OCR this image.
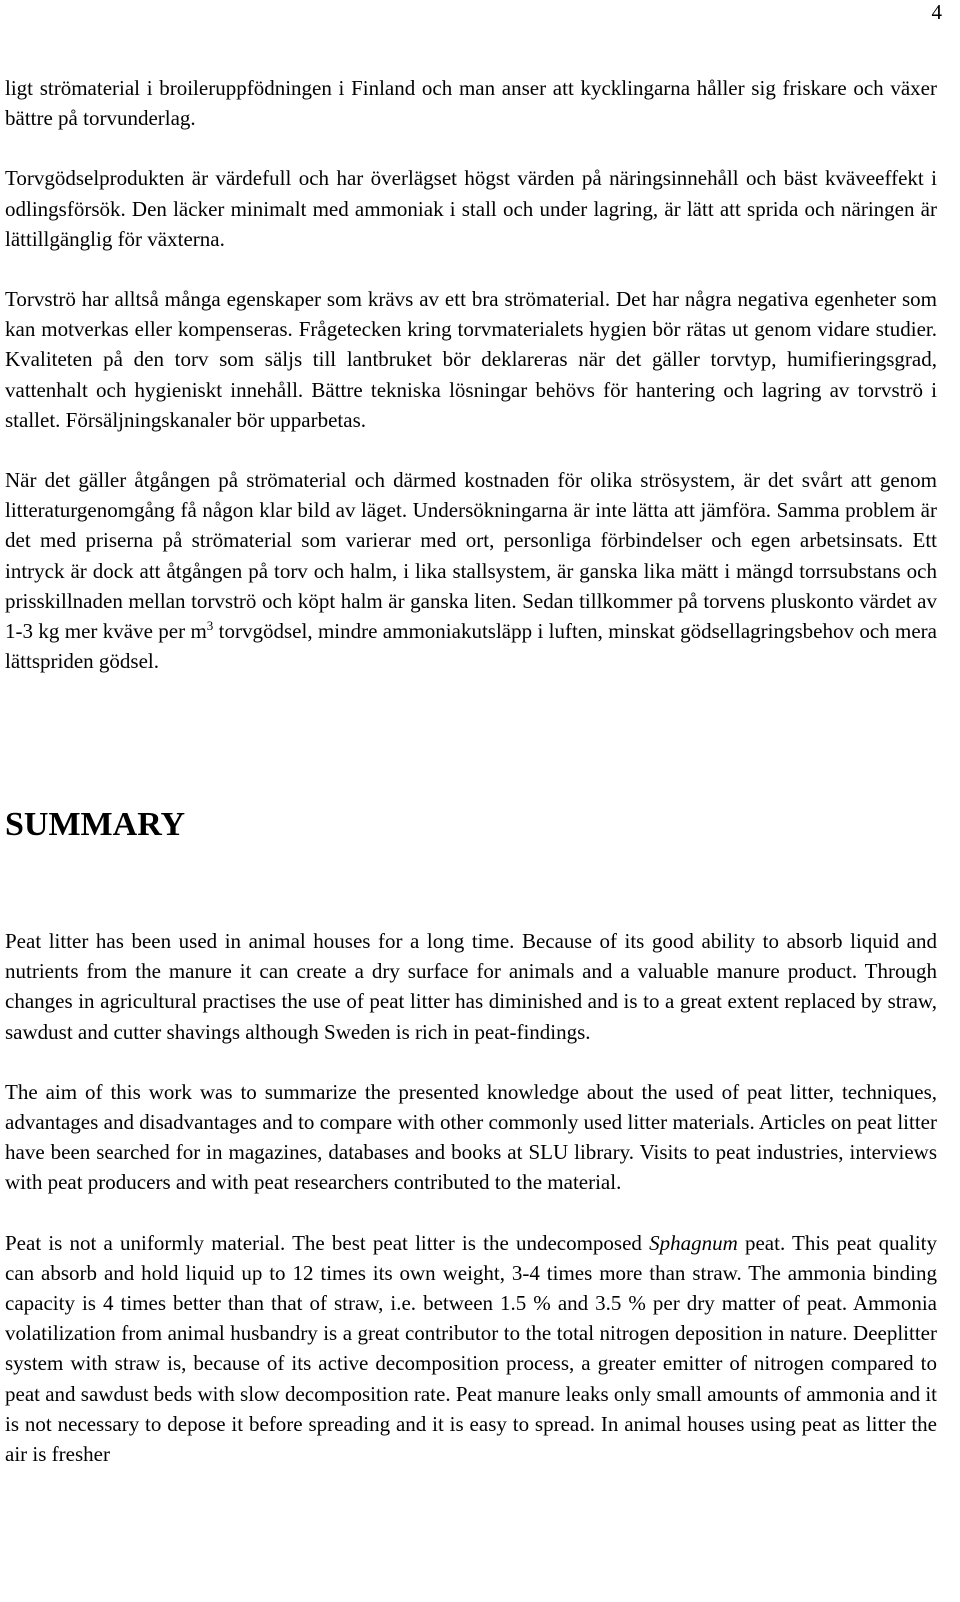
4

ligt strömaterial i broileruppfödningen i Finland och man anser att kycklingarna håller sig friskare och växer bättre på torvunderlag.

Torvgödselprodukten är värdefull och har överlägset högst värden på näringsinnehåll och bäst kväveeffekt i odlingsförsök. Den läcker minimalt med ammoniak i stall och under lagring, är lätt att sprida och näringen är lättillgänglig för växterna.

Torvströ har alltså många egenskaper som krävs av ett bra strömaterial. Det har några negativa egenheter som kan motverkas eller kompenseras. Frågetecken kring torvmaterialets hygien bör rätas ut genom vidare studier. Kvaliteten på den torv som säljs till lantbruket bör deklareras när det gäller torvtyp, humifieringsgrad, vattenhalt och hygieniskt innehåll. Bättre tekniska lösningar behövs för hantering och lagring av torvströ i stallet. Försäljningskanaler bör upparbetas.

När det gäller åtgången på strömaterial och därmed kostnaden för olika strösystem, är det svårt att genom litteraturgenomgång få någon klar bild av läget. Undersökningarna är inte lätta att jämföra. Samma problem är det med priserna på strömaterial som varierar med ort, personliga förbindelser och egen arbetsinsats. Ett intryck är dock att åtgången på torv och halm, i lika stallsystem, är ganska lika mätt i mängd torrsubstans och prisskillnaden mellan torvströ och köpt halm är ganska liten. Sedan tillkommer på torvens pluskonto värdet av 1-3 kg mer kväve per $m^3$ torvgödsel, mindre ammoniakutsläpp i luften, minskat gödsellagringsbehov och mera lättspriden gödsel.

SUMMARY

Peat litter has been used in animal houses for a long time. Because of its good ability to absorb liquid and nutrients from the manure it can create a dry surface for animals and a valuable manure product. Through changes in agricultural practises the use of peat litter has diminished and is to a great extent replaced by straw, sawdust and cutter shavings although Sweden is rich in peat-findings.

The aim of this work was to summarize the presented knowledge about the used of peat litter, techniques, advantages and disadvantages and to compare with other commonly used litter materials. Articles on peat litter have been searched for in magazines, databases and books at SLU library. Visits to peat industries, interviews with peat producers and with peat researchers contributed to the material.

Peat is not a uniformly material. The best peat litter is the undecomposed Sphagnum peat. This peat quality can absorb and hold liquid up to 12 times its own weight, 3-4 times more than straw. The ammonia binding capacity is 4 times better than that of straw, i.e. between 1.5 % and 3.5 % per dry matter of peat. Ammonia volatilization from animal husbandry is a great contributor to the total nitrogen deposition in nature. Deeplitter system with straw is, because of its active decomposition process, a greater emitter of nitrogen compared to peat and sawdust beds with slow decomposition rate. Peat manure leaks only small amounts of ammonia and it is not necessary to depose it before spreading and it is easy to spread. In animal houses using peat as litter the air is fresher
